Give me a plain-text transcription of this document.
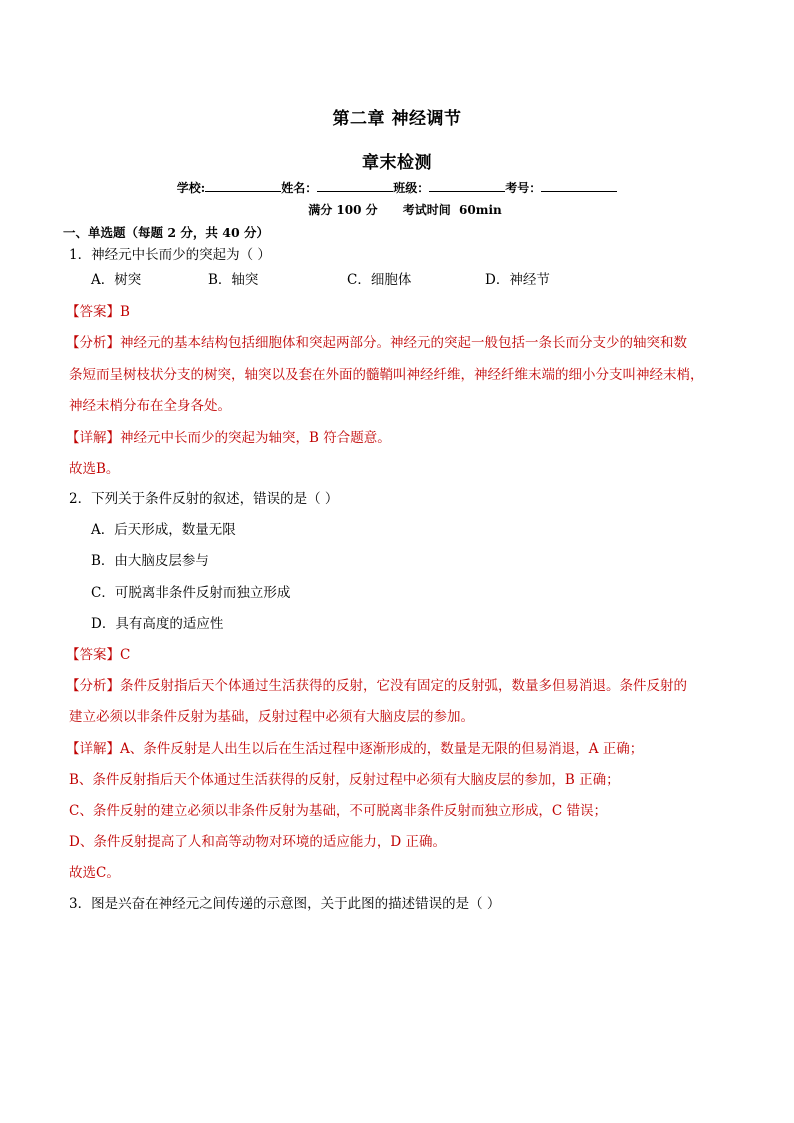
第二章 神经调节
章末检测
学校:	姓名：	班级：	考号：
满分 100 分      考试时间  60min
一、单选题（每题 2 分，共 40 分）
1．神经元中长而少的突起为（ ）
A．树突	B．轴突	C．细胞体	D．神经节
【答案】B
【分析】神经元的基本结构包括细胞体和突起两部分。神经元的突起一般包括一条长而分支少的轴突和数
条短而呈树枝状分支的树突，轴突以及套在外面的髓鞘叫神经纤维，神经纤维末端的细小分支叫神经末梢，
神经末梢分布在全身各处。
【详解】神经元中长而少的突起为轴突，B 符合题意。
故选B。
2．下列关于条件反射的叙述，错误的是（ ）
A．后天形成，数量无限
B．由大脑皮层参与
C．可脱离非条件反射而独立形成
D．具有高度的适应性
【答案】C
【分析】条件反射指后天个体通过生活获得的反射，它没有固定的反射弧，数量多但易消退。条件反射的
建立必须以非条件反射为基础，反射过程中必须有大脑皮层的参加。
【详解】A、条件反射是人出生以后在生活过程中逐渐形成的，数量是无限的但易消退，A 正确；
B、条件反射指后天个体通过生活获得的反射，反射过程中必须有大脑皮层的参加，B 正确；
C、条件反射的建立必须以非条件反射为基础，不可脱离非条件反射而独立形成，C 错误；
D、条件反射提高了人和高等动物对环境的适应能力，D 正确。
故选C。
3．图是兴奋在神经元之间传递的示意图，关于此图的描述错误的是（ ）
